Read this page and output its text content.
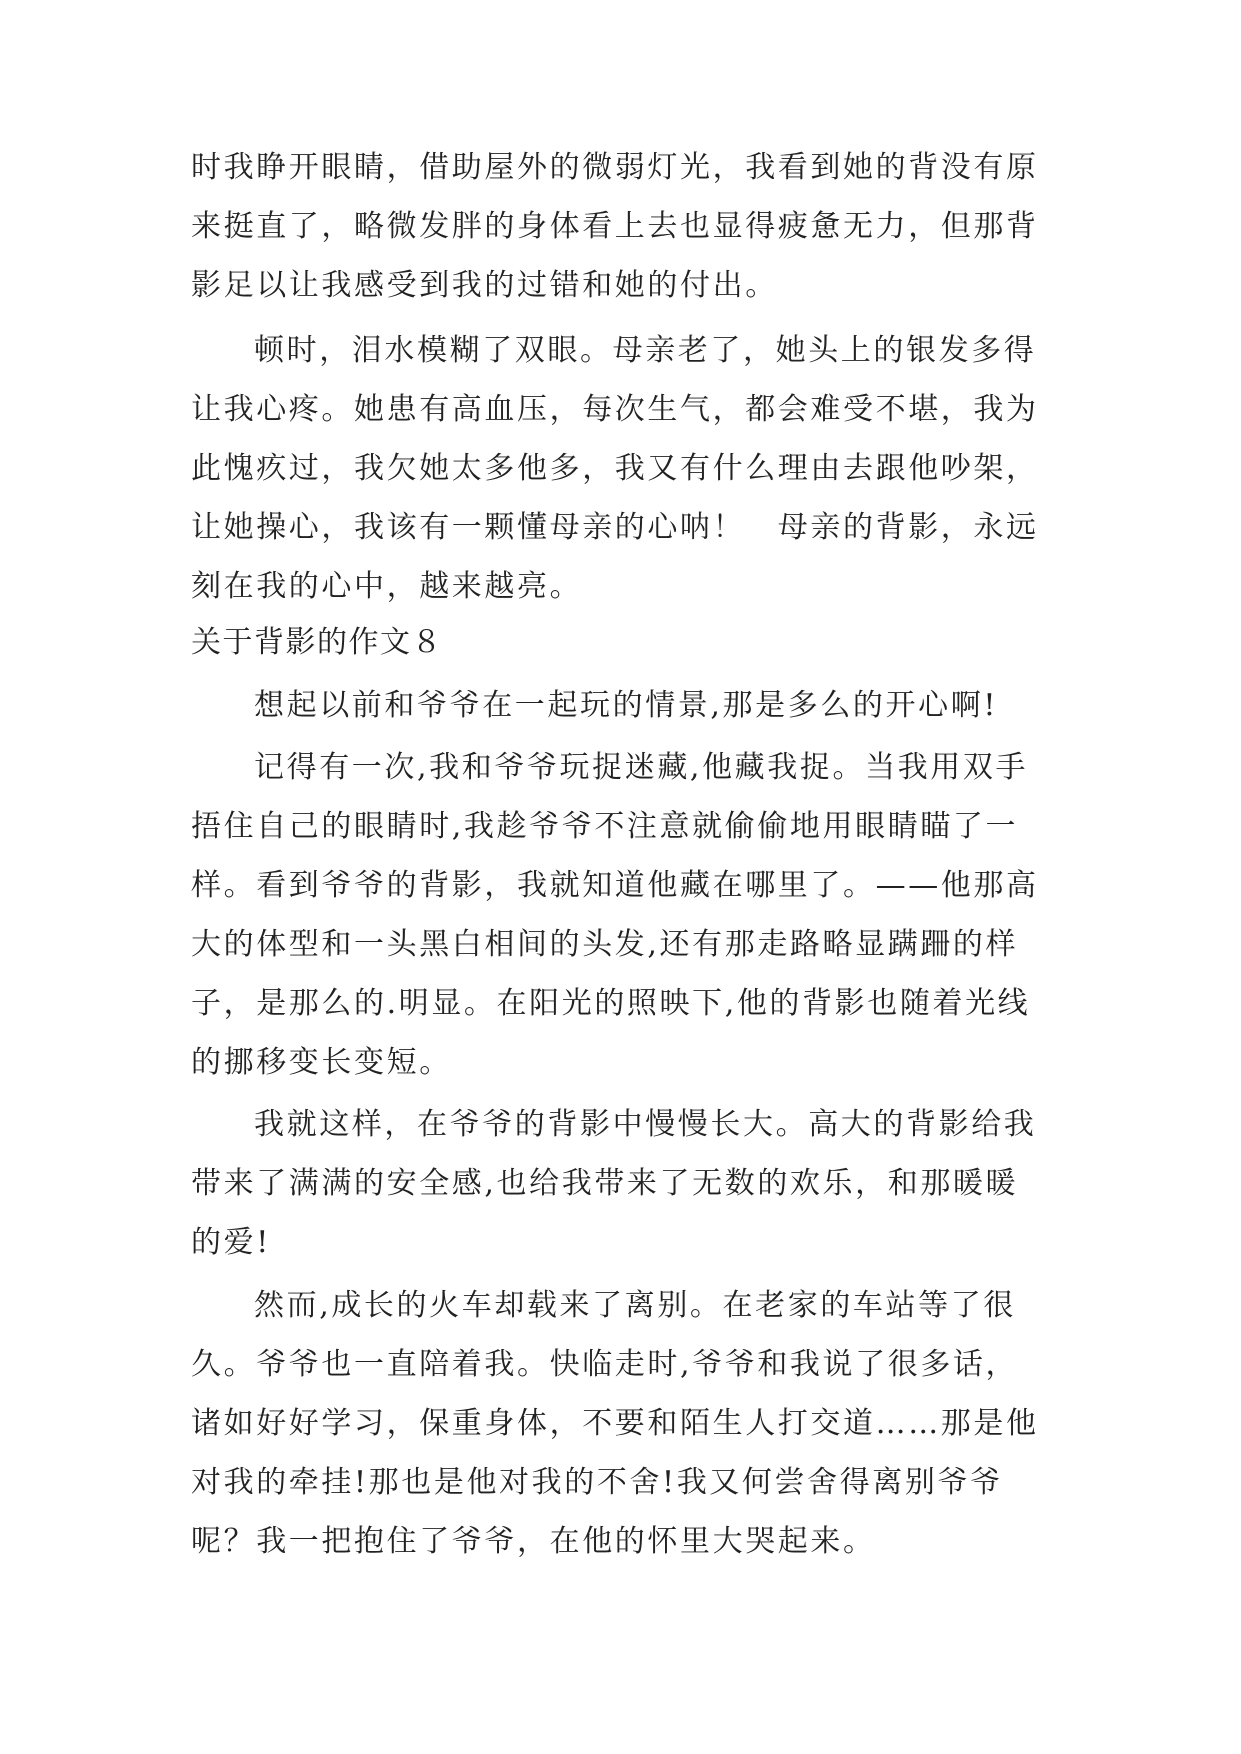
时我睁开眼睛，借助屋外的微弱灯光，我看到她的背没有原
来挺直了，略微发胖的身体看上去也显得疲惫无力，但那背
影足以让我感受到我的过错和她的付出。
顿时，泪水模糊了双眼。母亲老了，她头上的银发多得
让我心疼。她患有高血压，每次生气，都会难受不堪，我为
此愧疚过，我欠她太多他多，我又有什么理由去跟他吵架，
让她操心，我该有一颗懂母亲的心呐！　母亲的背影，永远
刻在我的心中，越来越亮。
关于背影的作文８
想起以前和爷爷在一起玩的情景,那是多么的开心啊!
记得有一次,我和爷爷玩捉迷藏,他藏我捉。当我用双手
捂住自己的眼睛时,我趁爷爷不注意就偷偷地用眼睛瞄了一
样。看到爷爷的背影，我就知道他藏在哪里了。——他那高
大的体型和一头黑白相间的头发,还有那走路略显蹒跚的样
子，是那么的.明显。在阳光的照映下,他的背影也随着光线
的挪移变长变短。
我就这样，在爷爷的背影中慢慢长大。高大的背影给我
带来了满满的安全感,也给我带来了无数的欢乐，和那暖暖
的爱!
然而,成长的火车却载来了离别。在老家的车站等了很
久。爷爷也一直陪着我。快临走时,爷爷和我说了很多话，
诸如好好学习，保重身体，不要和陌生人打交道……那是他
对我的牵挂!那也是他对我的不舍!我又何尝舍得离别爷爷
呢？我一把抱住了爷爷，在他的怀里大哭起来。
